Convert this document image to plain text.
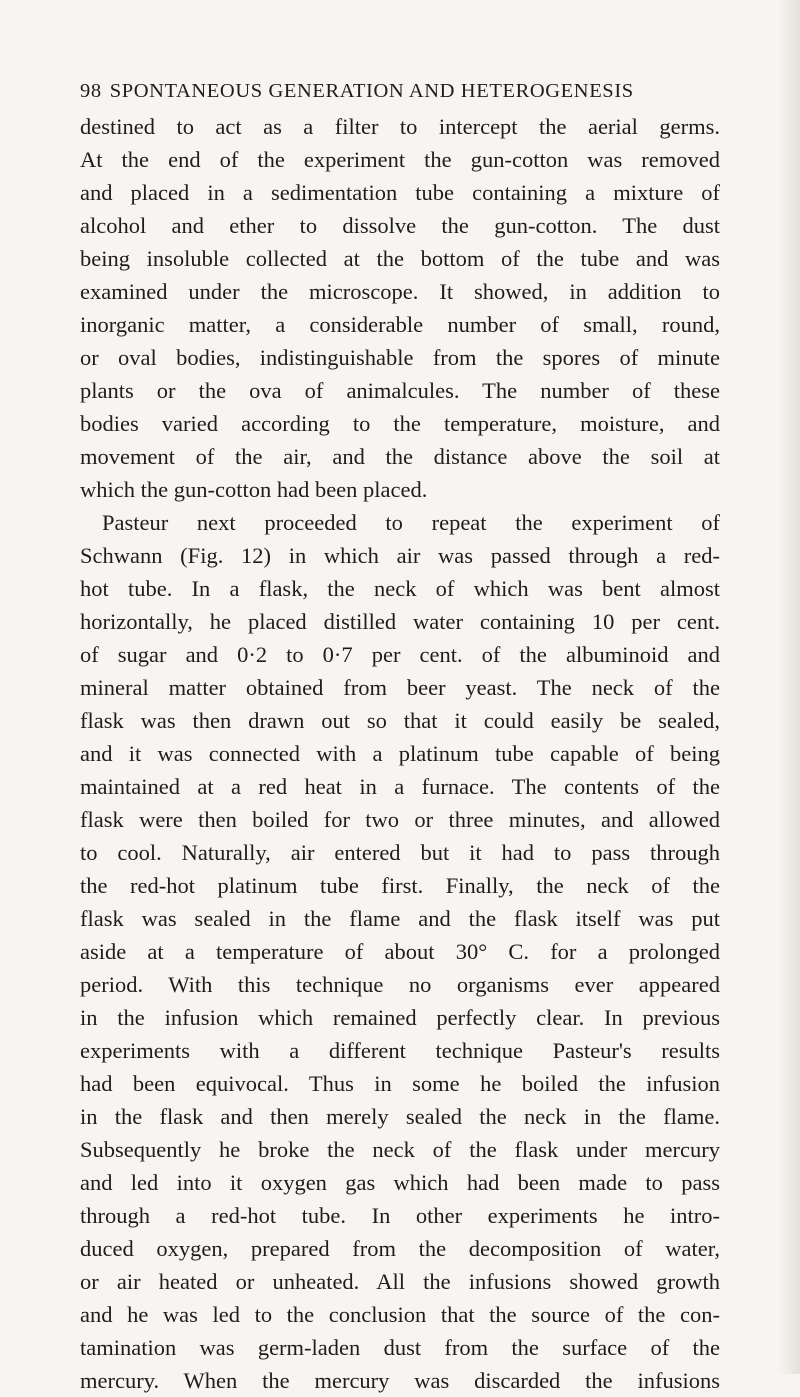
98 SPONTANEOUS GENERATION AND HETEROGENESIS
destined to act as a filter to intercept the aerial germs.
At the end of the experiment the gun-cotton was removed
and placed in a sedimentation tube containing a mixture of
alcohol and ether to dissolve the gun-cotton. The dust
being insoluble collected at the bottom of the tube and was
examined under the microscope. It showed, in addition to
inorganic matter, a considerable number of small, round,
or oval bodies, indistinguishable from the spores of minute
plants or the ova of animalcules. The number of these
bodies varied according to the temperature, moisture, and
movement of the air, and the distance above the soil at
which the gun-cotton had been placed.
Pasteur next proceeded to repeat the experiment of
Schwann (Fig. 12) in which air was passed through a red-
hot tube. In a flask, the neck of which was bent almost
horizontally, he placed distilled water containing 10 per cent.
of sugar and 0·2 to 0·7 per cent. of the albuminoid and
mineral matter obtained from beer yeast. The neck of the
flask was then drawn out so that it could easily be sealed,
and it was connected with a platinum tube capable of being
maintained at a red heat in a furnace. The contents of the
flask were then boiled for two or three minutes, and allowed
to cool. Naturally, air entered but it had to pass through
the red-hot platinum tube first. Finally, the neck of the
flask was sealed in the flame and the flask itself was put
aside at a temperature of about 30° C. for a prolonged
period. With this technique no organisms ever appeared
in the infusion which remained perfectly clear. In previous
experiments with a different technique Pasteur's results
had been equivocal. Thus in some he boiled the infusion
in the flask and then merely sealed the neck in the flame.
Subsequently he broke the neck of the flask under mercury
and led into it oxygen gas which had been made to pass
through a red-hot tube. In other experiments he intro-
duced oxygen, prepared from the decomposition of water,
or air heated or unheated. All the infusions showed growth
and he was led to the conclusion that the source of the con-
tamination was germ-laden dust from the surface of the
mercury. When the mercury was discarded the infusions
